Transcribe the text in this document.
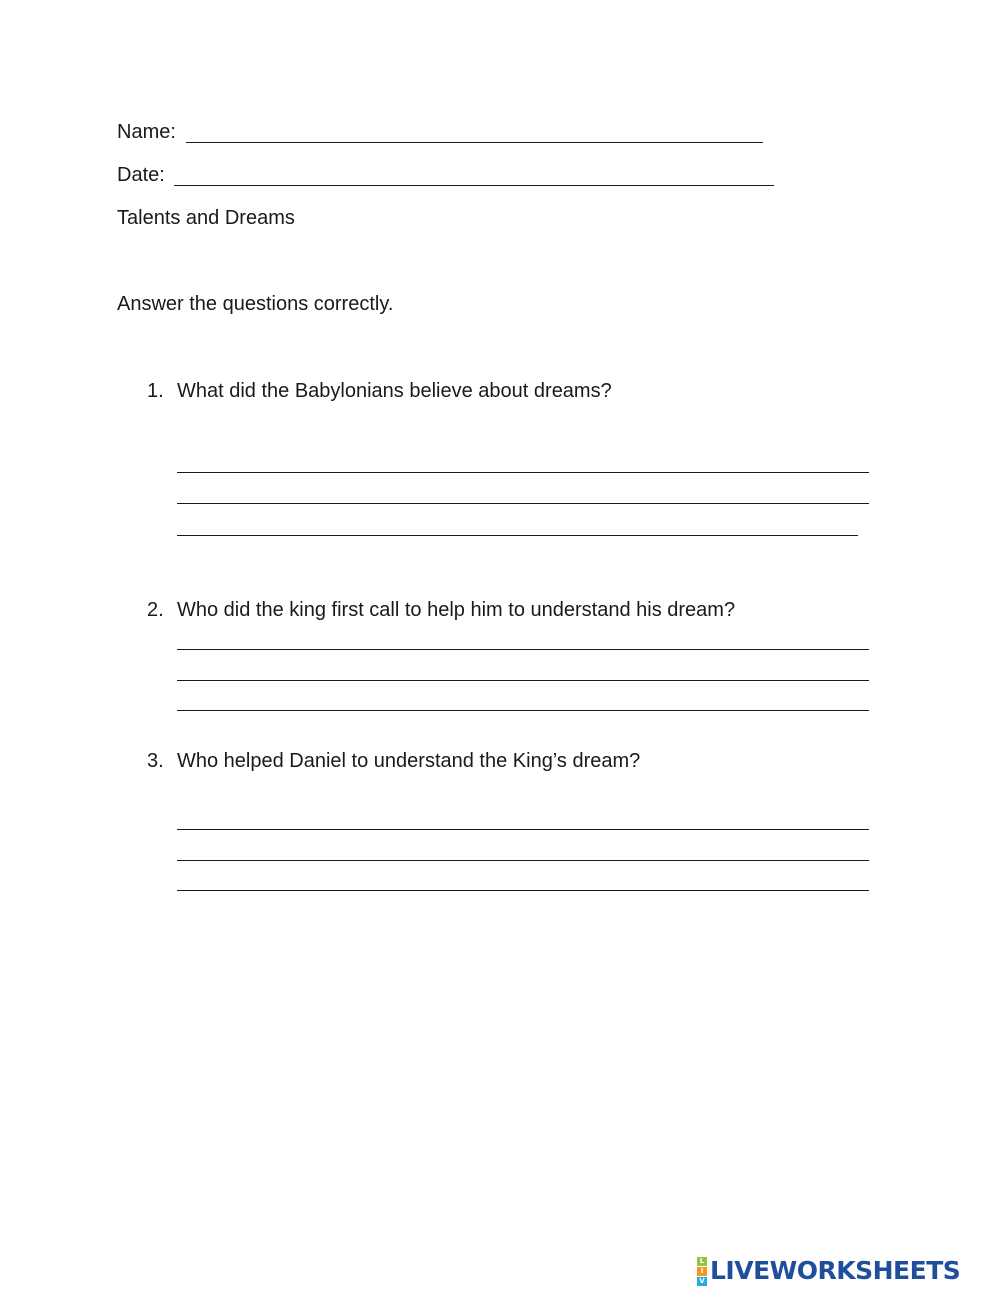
Name:
Date:
Talents and Dreams
Answer the questions correctly.
1. What did the Babylonians believe about dreams?
2. Who did the king first call to help him to understand his dream?
3. Who helped Daniel to understand the King’s dream?
L
I
V LIVEWORKSHEETS
